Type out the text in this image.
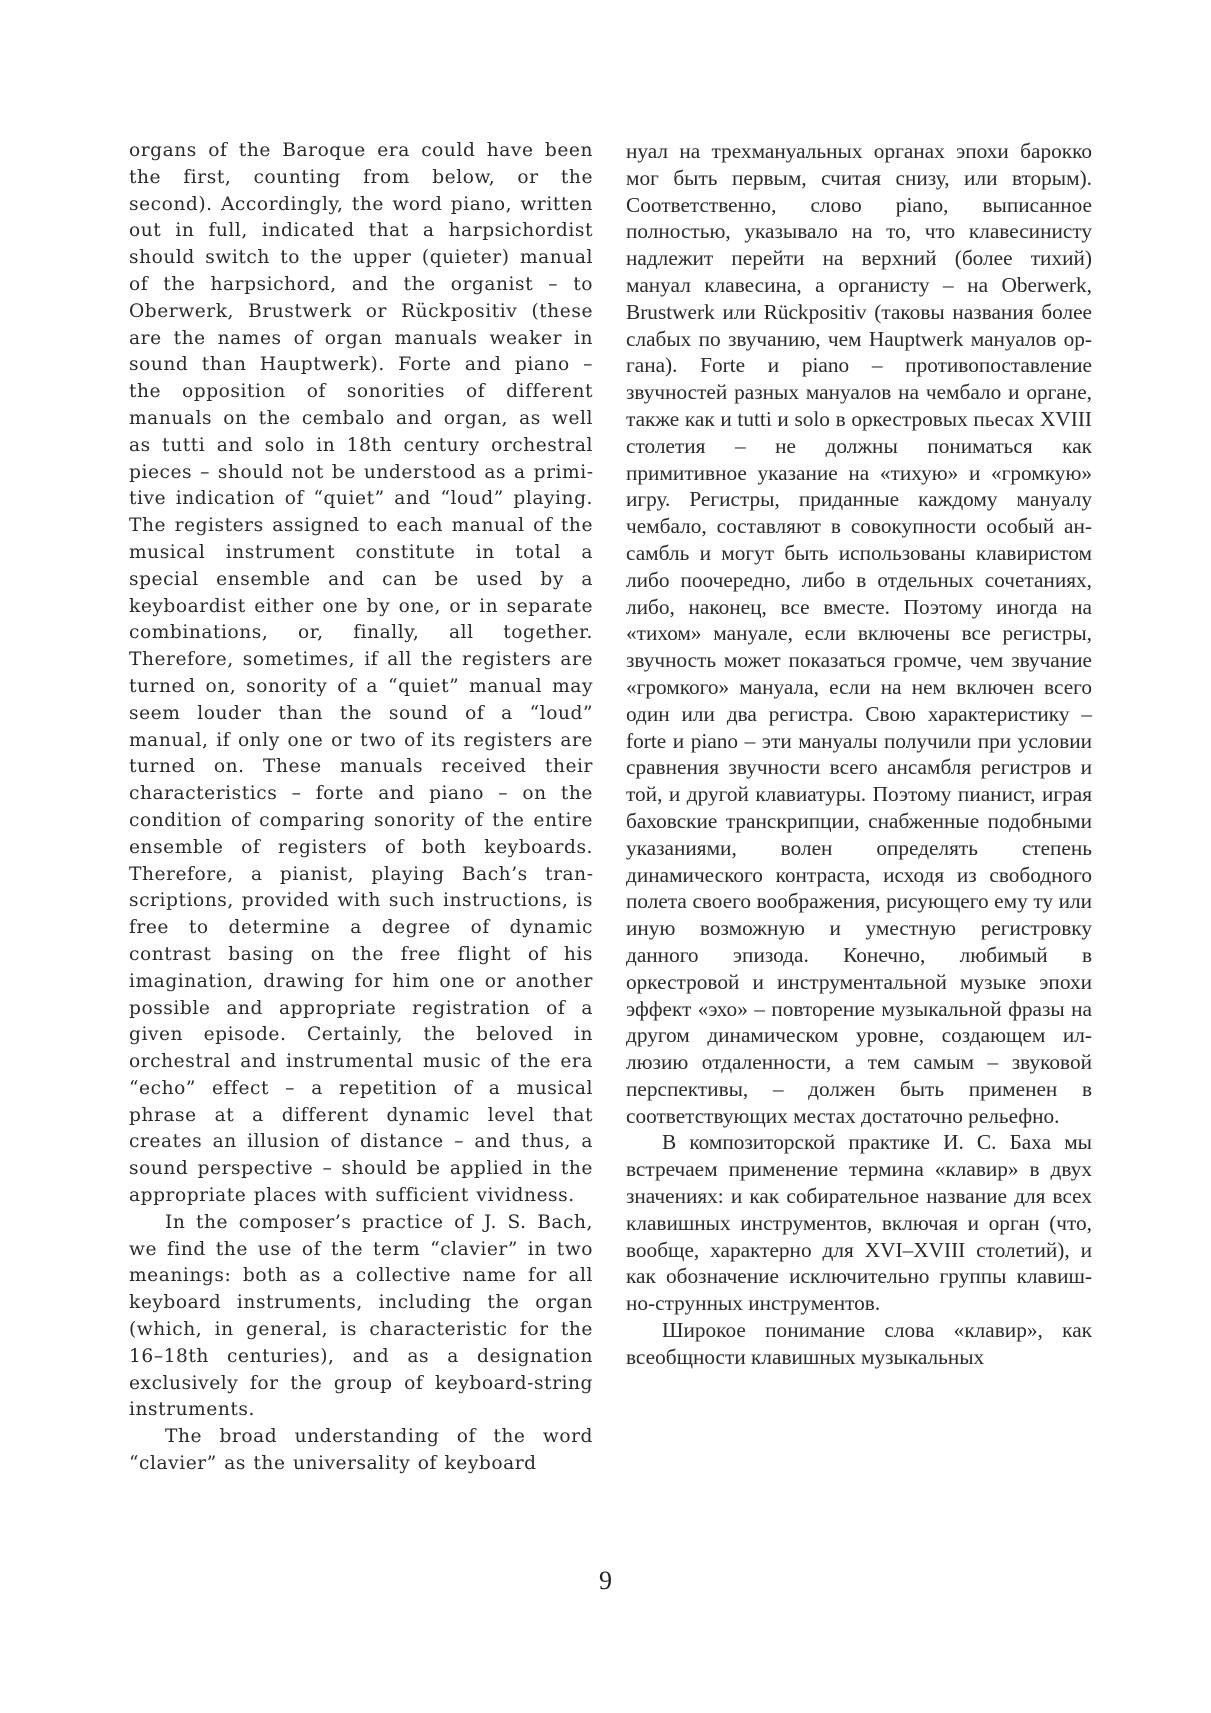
organs of the Baroque era could have been the first, counting from below, or the second). Accordingly, the word piano, written out in full, indicated that a harpsichordist should switch to the upper (quieter) manual of the harpsichord, and the organist – to Oberwerk, Brustwerk or Rückpositiv (these are the names of organ manuals weaker in sound than Hauptwerk). Forte and piano – the opposition of sonorities of different manuals on the cembalo and organ, as well as tutti and solo in 18th century orchestral pieces – should not be understood as a primitive indication of “quiet” and “loud” playing. The registers assigned to each manual of the musical instrument constitute in total a special ensemble and can be used by a keyboardist either one by one, or in separate combinations, or, finally, all together. Therefore, sometimes, if all the registers are turned on, sonority of a “quiet” manual may seem louder than the sound of a “loud” manual, if only one or two of its registers are turned on. These manuals received their characteristics – forte and piano – on the condition of comparing sonority of the entire ensemble of registers of both keyboards. Therefore, a pianist, playing Bach’s transcriptions, provided with such instructions, is free to determine a degree of dynamic contrast basing on the free flight of his imagination, drawing for him one or another possible and appropriate registration of a given episode. Certainly, the beloved in orchestral and instrumental music of the era “echo” effect – a repetition of a musical phrase at a different dynamic level that creates an illusion of distance – and thus, a sound perspective – should be applied in the appropriate places with sufficient vividness.

In the composer’s practice of J. S. Bach, we find the use of the term “clavier” in two meanings: both as a collective name for all keyboard instruments, including the organ (which, in general, is characteristic for the 16–18th centuries), and as a designation exclusively for the group of keyboard-string instruments.

The broad understanding of the word “clavier” as the universality of keyboard

нуал на трехмануальных органах эпохи барокко мог быть первым, считая снизу, или вторым). Соответственно, слово piano, выписанное полностью, указывало на то, что клавесинисту надлежит перейти на верхний (более тихий) мануал клавесина, а органисту – на Oberwerk, Brustwerk или Rückpositiv (таковы названия более слабых по звучанию, чем Hauptwerk мануалов органа). Forte и piano – противопоставление звучностей разных мануалов на чембало и органе, также как и tutti и solo в оркестровых пьесах XVIII столетия – не должны пониматься как примитивное указание на «тихую» и «громкую» игру. Регистры, приданные каждому мануалу чембало, составляют в совокупности особый ансамбль и могут быть использованы клавиристом либо поочередно, либо в отдельных сочетаниях, либо, наконец, все вместе. Поэтому иногда на «тихом» мануале, если включены все регистры, звучность может показаться громче, чем звучание «громкого» мануала, если на нем включен всего один или два регистра. Свою характеристику – forte и piano – эти мануалы получили при условии сравнения звучности всего ансамбля регистров и той, и другой клавиатуры. Поэтому пианист, играя баховские транскрипции, снабженные подобными указаниями, волен определять степень динамического контраста, исходя из свободного полета своего воображения, рисующего ему ту или иную возможную и уместную регистровку данного эпизода. Конечно, любимый в оркестровой и инструментальной музыке эпохи эффект «эхо» – повторение музыкальной фразы на другом динамическом уровне, создающем иллюзию отдаленности, а тем самым – звуковой перспективы, – должен быть применен в соответствующих местах достаточно рельефно.

В композиторской практике И. С. Баха мы встречаем применение термина «клавир» в двух значениях: и как собирательное название для всех клавишных инструментов, включая и орган (что, вообще, характерно для XVI–XVIII столетий), и как обозначение исключительно группы клавишно-струнных инструментов.

Широкое понимание слова «клавир», как всеобщности клавишных музыкальных

9
